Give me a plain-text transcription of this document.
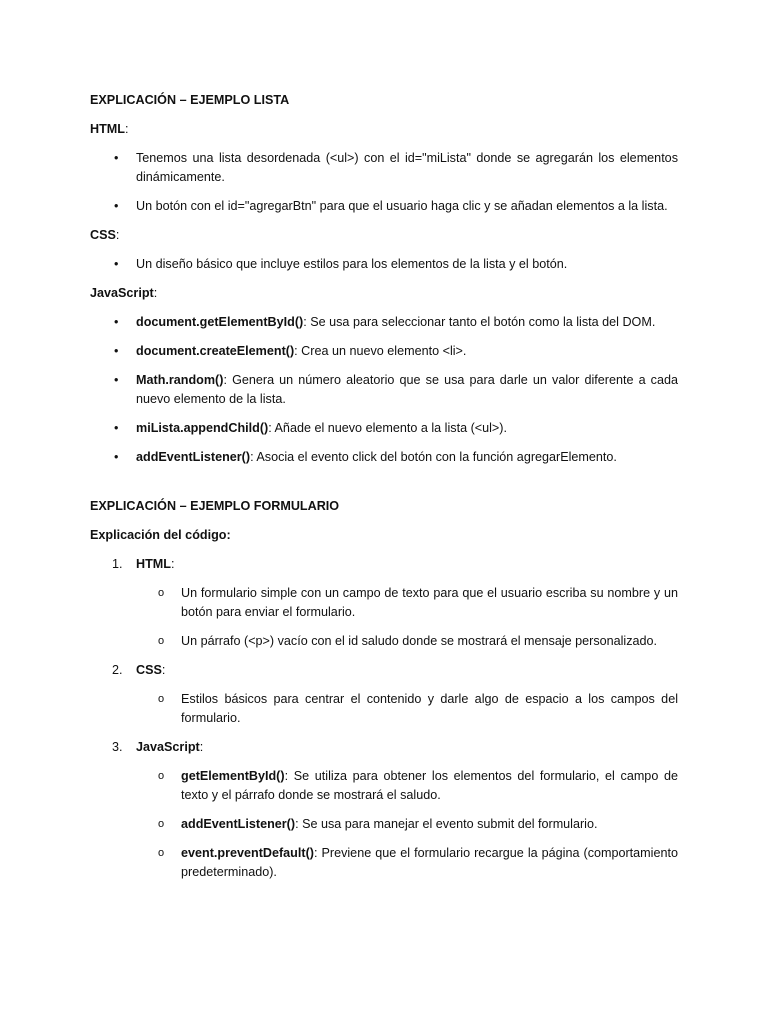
EXPLICACIÓN – EJEMPLO LISTA
HTML:
•	Tenemos una lista desordenada (<ul>) con el id="miLista" donde se agregarán los elementos dinámicamente.
•	Un botón con el id="agregarBtn" para que el usuario haga clic y se añadan elementos a la lista.
CSS:
•	Un diseño básico que incluye estilos para los elementos de la lista y el botón.
JavaScript:
•	document.getElementById(): Se usa para seleccionar tanto el botón como la lista del DOM.
•	document.createElement(): Crea un nuevo elemento <li>.
•	Math.random(): Genera un número aleatorio que se usa para darle un valor diferente a cada nuevo elemento de la lista.
•	miLista.appendChild(): Añade el nuevo elemento a la lista (<ul>).
•	addEventListener(): Asocia el evento click del botón con la función agregarElemento.
EXPLICACIÓN – EJEMPLO FORMULARIO
Explicación del código:
1.	HTML:
o	Un formulario simple con un campo de texto para que el usuario escriba su nombre y un botón para enviar el formulario.
o	Un párrafo (<p>) vacío con el id saludo donde se mostrará el mensaje personalizado.
2.	CSS:
o	Estilos básicos para centrar el contenido y darle algo de espacio a los campos del formulario.
3.	JavaScript:
o	getElementById(): Se utiliza para obtener los elementos del formulario, el campo de texto y el párrafo donde se mostrará el saludo.
o	addEventListener(): Se usa para manejar el evento submit del formulario.
o	event.preventDefault(): Previene que el formulario recargue la página (comportamiento predeterminado).
